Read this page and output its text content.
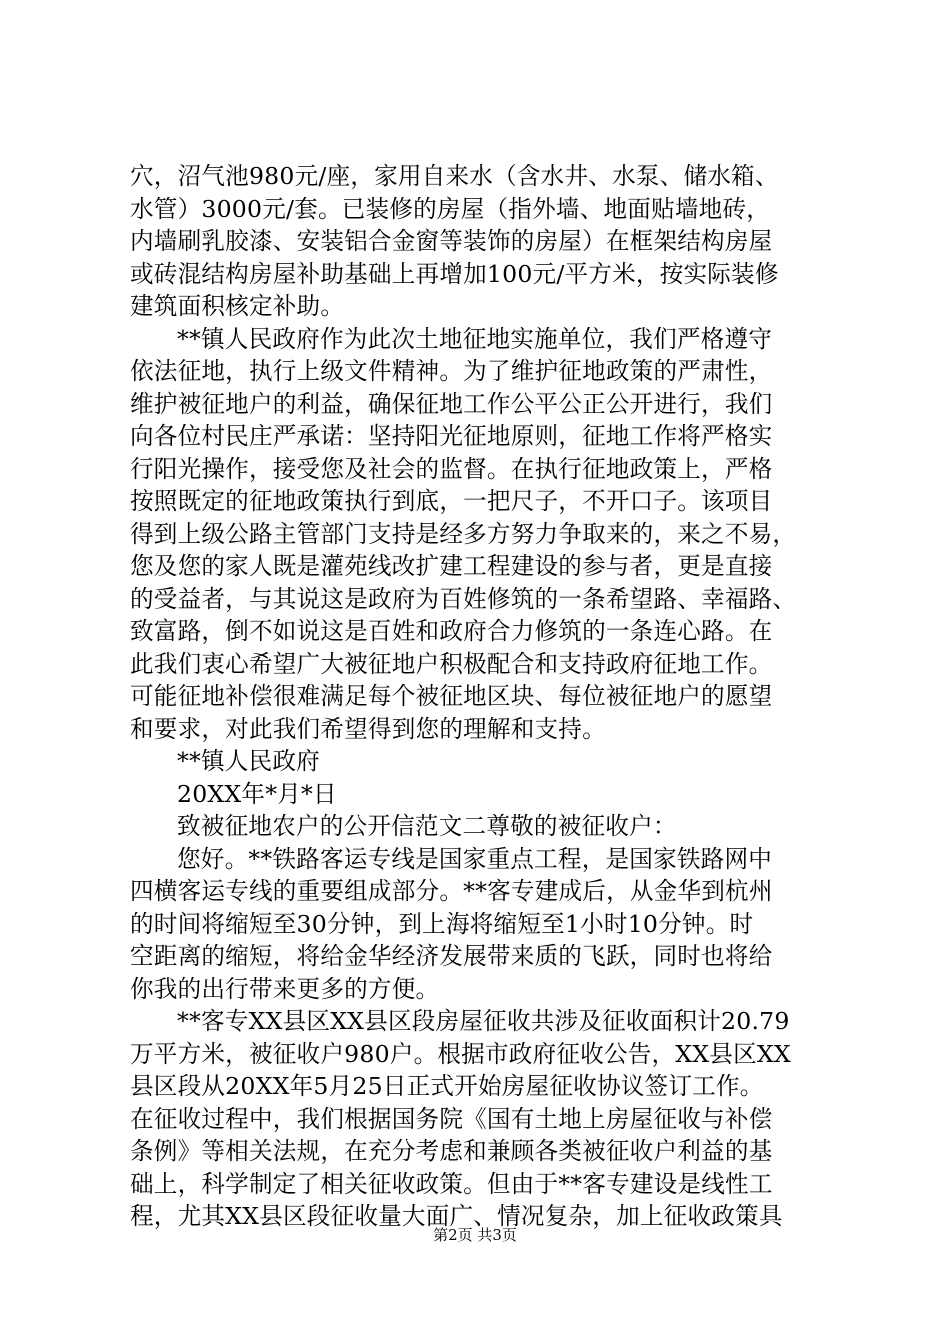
穴，沼气池980元/座，家用自来水（含水井、水泵、储水箱、
水管）3000元/套。已装修的房屋（指外墙、地面贴墙地砖，
内墙刷乳胶漆、安装铝合金窗等装饰的房屋）在框架结构房屋
或砖混结构房屋补助基础上再增加100元/平方米，按实际装修
建筑面积核定补助。
**镇人民政府作为此次土地征地实施单位，我们严格遵守
依法征地，执行上级文件精神。为了维护征地政策的严肃性，
维护被征地户的利益，确保征地工作公平公正公开进行，我们
向各位村民庄严承诺：坚持阳光征地原则，征地工作将严格实
行阳光操作，接受您及社会的监督。在执行征地政策上，严格
按照既定的征地政策执行到底，一把尺子，不开口子。该项目
得到上级公路主管部门支持是经多方努力争取来的，来之不易，
您及您的家人既是灌苑线改扩建工程建设的参与者，更是直接
的受益者，与其说这是政府为百姓修筑的一条希望路、幸福路、
致富路，倒不如说这是百姓和政府合力修筑的一条连心路。在
此我们衷心希望广大被征地户积极配合和支持政府征地工作。
可能征地补偿很难满足每个被征地区块、每位被征地户的愿望
和要求，对此我们希望得到您的理解和支持。
**镇人民政府
20XX年*月*日
致被征地农户的公开信范文二尊敬的被征收户：
您好。**铁路客运专线是国家重点工程，是国家铁路网中
四横客运专线的重要组成部分。**客专建成后，从金华到杭州
的时间将缩短至30分钟，到上海将缩短至1小时10分钟。时
空距离的缩短，将给金华经济发展带来质的飞跃，同时也将给
你我的出行带来更多的方便。
**客专XX县区XX县区段房屋征收共涉及征收面积计20.79
万平方米，被征收户980户。根据市政府征收公告，XX县区XX
县区段从20XX年5月25日正式开始房屋征收协议签订工作。
在征收过程中，我们根据国务院《国有土地上房屋征收与补偿
条例》等相关法规，在充分考虑和兼顾各类被征收户利益的基
础上，科学制定了相关征收政策。但由于**客专建设是线性工
程，尤其XX县区段征收量大面广、情况复杂，加上征收政策具
第2页 共3页
